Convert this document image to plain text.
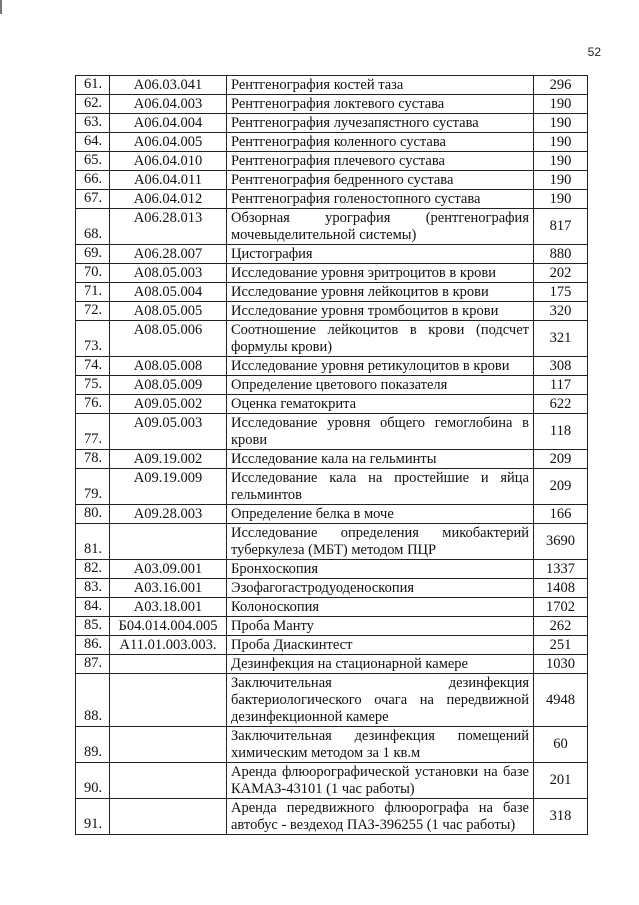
52
61.	А06.03.041	Рентгенография костей таза	296
62.	А06.04.003	Рентгенография локтевого сустава	190
63.	А06.04.004	Рентгенография лучезапястного сустава	190
64.	А06.04.005	Рентгенография коленного сустава	190
65.	А06.04.010	Рентгенография плечевого сустава	190
66.	А06.04.011	Рентгенография бедренного сустава	190
67.	А06.04.012	Рентгенография голеностопного сустава	190
68.	А06.28.013	Обзорная урография (рентгенография мочевыделительной системы)	817
69.	А06.28.007	Цистография	880
70.	А08.05.003	Исследование уровня эритроцитов в крови	202
71.	А08.05.004	Исследование уровня лейкоцитов в крови	175
72.	А08.05.005	Исследование уровня тромбоцитов в крови	320
73.	А08.05.006	Соотношение лейкоцитов в крови (подсчет формулы крови)	321
74.	А08.05.008	Исследование уровня ретикулоцитов в крови	308
75.	А08.05.009	Определение цветового показателя	117
76.	А09.05.002	Оценка гематокрита	622
77.	А09.05.003	Исследование уровня общего гемоглобина в крови	118
78.	А09.19.002	Исследование кала на гельминты	209
79.	А09.19.009	Исследование кала на простейшие и яйца гельминтов	209
80.	А09.28.003	Определение белка в моче	166
81.		Исследование определения микобактерий туберкулеза (МБТ) методом ПЦР	3690
82.	А03.09.001	Бронхоскопия	1337
83.	А03.16.001	Эзофагогастродуоденоскопия	1408
84.	А03.18.001	Колоноскопия	1702
85.	Б04.014.004.005	Проба Манту	262
86.	А11.01.003.003.	Проба Диаскинтест	251
87.		Дезинфекция на стационарной камере	1030
88.		Заключительная дезинфекция бактериологического очага на передвижной дезинфекционной камере	4948
89.		Заключительная дезинфекция помещений химическим методом за 1 кв.м	60
90.		Аренда флюорографической установки на базе КАМАЗ-43101 (1 час работы)	201
91.		Аренда передвижного флюорографа на базе автобус - вездеход ПАЗ-396255 (1 час работы)	318
